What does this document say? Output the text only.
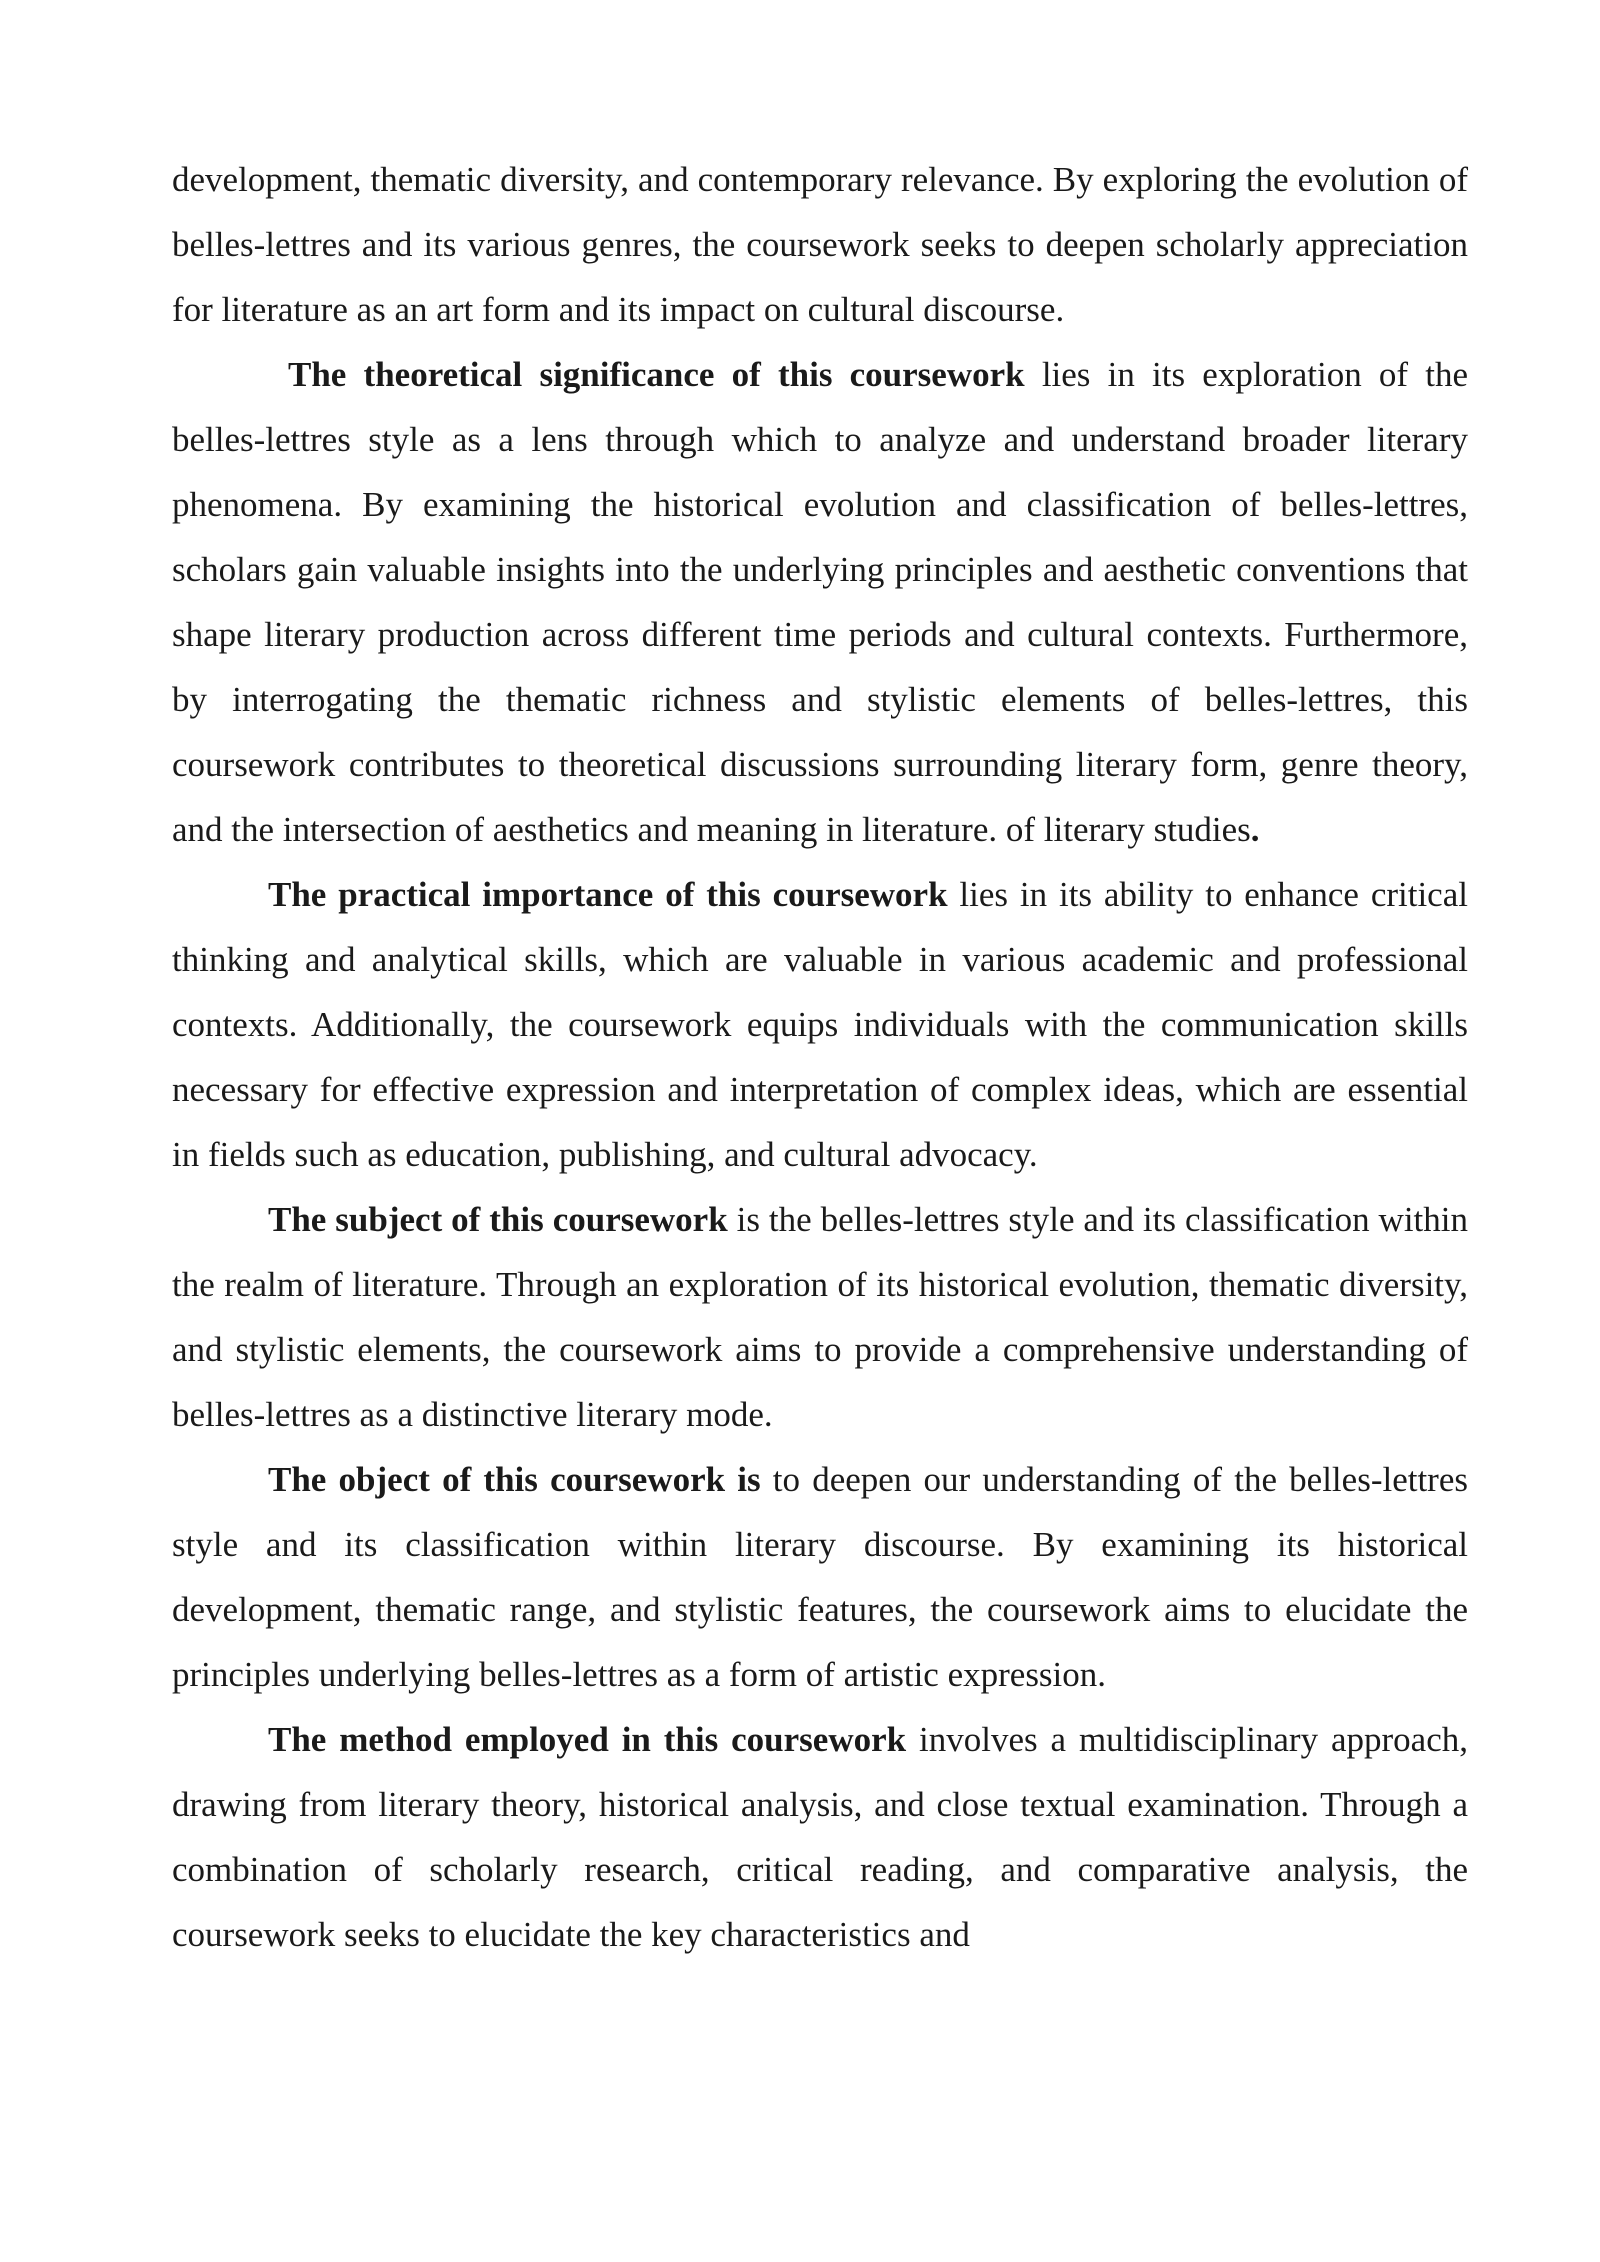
development, thematic diversity, and contemporary relevance. By exploring the evolution of belles-lettres and its various genres, the coursework seeks to deepen scholarly appreciation for literature as an art form and its impact on cultural discourse.

The theoretical significance of this coursework lies in its exploration of the belles-lettres style as a lens through which to analyze and understand broader literary phenomena. By examining the historical evolution and classification of belles-lettres, scholars gain valuable insights into the underlying principles and aesthetic conventions that shape literary production across different time periods and cultural contexts. Furthermore, by interrogating the thematic richness and stylistic elements of belles-lettres, this coursework contributes to theoretical discussions surrounding literary form, genre theory, and the intersection of aesthetics and meaning in literature. of literary studies.

The practical importance of this coursework lies in its ability to enhance critical thinking and analytical skills, which are valuable in various academic and professional contexts. Additionally, the coursework equips individuals with the communication skills necessary for effective expression and interpretation of complex ideas, which are essential in fields such as education, publishing, and cultural advocacy.

The subject of this coursework is the belles-lettres style and its classification within the realm of literature. Through an exploration of its historical evolution, thematic diversity, and stylistic elements, the coursework aims to provide a comprehensive understanding of belles-lettres as a distinctive literary mode.

The object of this coursework is to deepen our understanding of the belles-lettres style and its classification within literary discourse. By examining its historical development, thematic range, and stylistic features, the coursework aims to elucidate the principles underlying belles-lettres as a form of artistic expression.

The method employed in this coursework involves a multidisciplinary approach, drawing from literary theory, historical analysis, and close textual examination. Through a combination of scholarly research, critical reading, and comparative analysis, the coursework seeks to elucidate the key characteristics and
